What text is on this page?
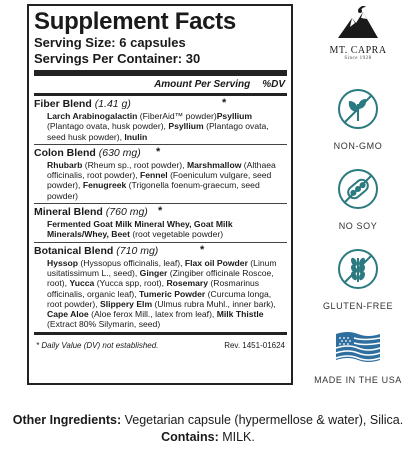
Supplement Facts
Serving Size: 6 capsules
Servings Per Container: 30
Amount Per Serving %DV
Fiber Blend (1.41 g)	*
Larch Arabinogalactin (FiberAid™ powder)Psyllium (Plantago ovata, husk powder), Psyllium (Plantago ovata, seed husk powder), Inulin
Colon Blend (630 mg) *
Rhubarb (Rheum sp., root powder), Marshmallow (Althaea officinalis, root powder), Fennel (Foeniculum vulgare, seed powder), Fenugreek (Trigonella foenum-graecum, seed powder)
Mineral Blend (760 mg) *
Fermented Goat Milk Mineral Whey, Goat Milk Minerals/Whey, Beet (root vegetable powder)
Botanical Blend (710 mg)	*
Hyssop (Hyssopus officinalis, leaf), Flax oil Powder (Linum usitatissimum L., seed), Ginger (Zingiber officinale Roscoe, root), Yucca (Yucca spp, root), Rosemary (Rosmarinus officinalis, organic leaf), Tumeric Powder (Curcuma longa, root powder), Slippery Elm (Ulmus rubra Muhl., inner bark), Cape Aloe (Aloe ferox Mill., latex from leaf), Milk Thistle (Extract 80% Silymarin, seed)
* Daily Value (DV) not established.	Rev. 1451-01624
MT. CAPRA
Since 1928
NON-GMO
NO SOY
GLUTEN-FREE
MADE IN THE USA
Other Ingredients: Vegetarian capsule (hypermellose & water), Silica.
Contains: MILK.
